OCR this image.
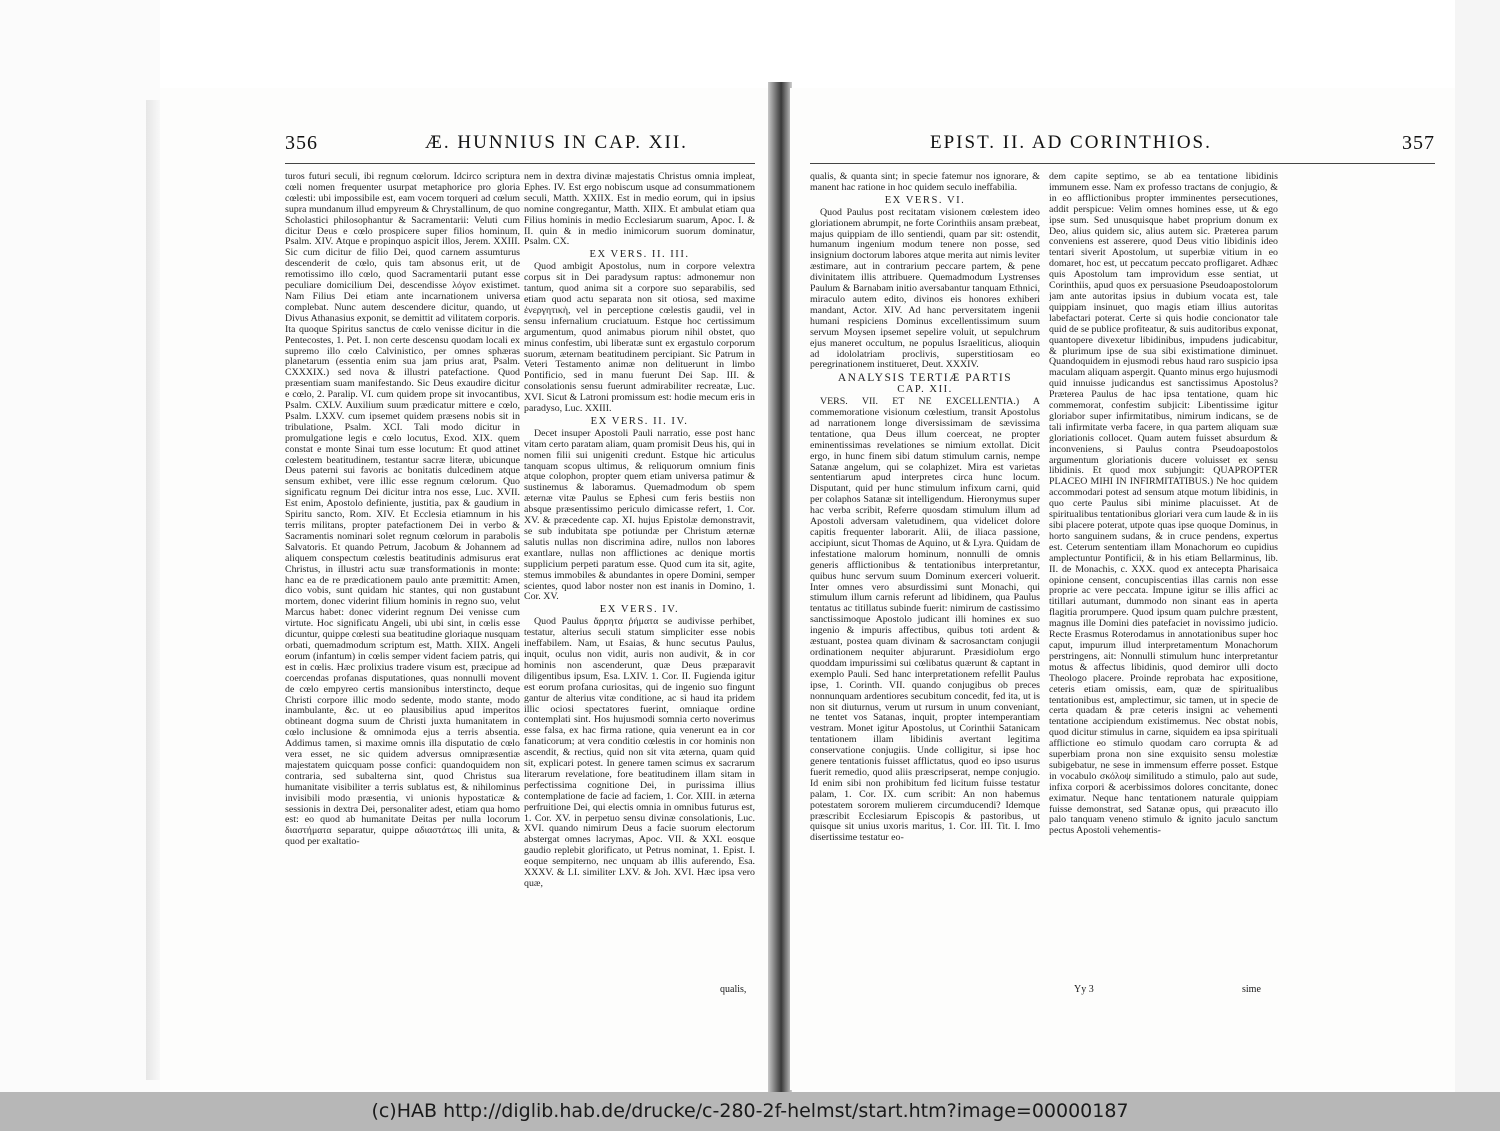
356	Æ. HUNNIUS IN CAP. XII.

turos futuri seculi, ibi regnum cœlorum. Idcirco scriptura cœli nomen frequenter usurpat metaphorice pro gloria cœlesti: ubi impossibile est, eam vocem torqueri ad cœlum supra mundanum illud empyreum & Chrystallinum, de quo Scholastici philosophantur & Sacramentarii: Veluti cum dicitur Deus e cœlo prospicere super filios hominum, Psalm. XIV. Atque e propinquo aspicit illos, Jerem. XXIII. Sic cum dicitur de filio Dei, quod carnem assumturus descenderit de cœlo, quis tam absonus erit, ut de remotissimo illo cœlo, quod Sacramentarii putant esse peculiare domicilium Dei, descendisse λόγον existimet. Nam Filius Dei etiam ante incarnationem universa complebat. Nunc autem descendere dicitur, quando, ut Divus Athanasius exponit, se demittit ad vilitatem corporis. Ita quoque Spiritus sanctus de cœlo venisse dicitur in die Pentecostes, 1. Pet. I. non certe descensu quodam locali ex supremo illo cœlo Calvinistico, per omnes sphæras planetarum (essentia enim sua jam prius arat, Psalm. CXXXIX.) sed nova & illustri patefactione. Quod præsentiam suam manifestando. Sic Deus exaudire dicitur e cœlo, 2. Paralip. VI. cum quidem prope sit invocantibus, Psalm. CXLV. Auxilium suum prædicatur mittere e cœlo, Psalm. LXXV. cum ipsemet quidem præsens nobis sit in tribulatione, Psalm. XCI. Tali modo dicitur in promulgatione legis e cœlo locutus, Exod. XIX. quem constat e monte Sinai tum esse locutum: Et quod attinet cœlestem beatitudinem, testantur sacræ literæ, ubicunque Deus paterni sui favoris ac bonitatis dulcedinem atque sensum exhibet, vere illic esse regnum cœlorum. Quo significatu regnum Dei dicitur intra nos esse, Luc. XVII. Est enim, Apostolo definiente, justitia, pax & gaudium in Spiritu sancto, Rom. XIV. Et Ecclesia etiamnum in his terris militans, propter patefactionem Dei in verbo & Sacramentis nominari solet regnum cœlorum in parabolis Salvatoris. Et quando Petrum, Jacobum & Johannem ad aliquem conspectum cœlestis beatitudinis admisurus erat Christus, in illustri actu suæ transformationis in monte: hanc ea de re prædicationem paulo ante præmittit: Amen, dico vobis, sunt quidam hic stantes, qui non gustabunt mortem, donec viderint filium hominis in regno suo, velut Marcus habet: donec viderint regnum Dei venisse cum virtute. Hoc significatu Angeli, ubi ubi sint, in cœlis esse dicuntur, quippe cœlesti sua beatitudine gloriaque nusquam orbati, quemadmodum scriptum est, Matth. XIIX. Angeli eorum (infantum) in cœlis semper vident faciem patris, qui est in cœlis. Hæc prolixius tradere visum est, præcipue ad coercendas profanas disputationes, quas nonnulli movent de cœlo empyreo certis mansionibus interstincto, deque Christi corpore illic modo sedente, modo stante, modo inambulante, &c. ut eo plausibilius apud imperitos obtineant dogma suum de Christi juxta humanitatem in cœlo inclusione & omnimoda ejus a terris absentia. Addimus tamen, si maxime omnis illa disputatio de cœlo vera esset, ne sic quidem adversus omnipræsentiæ majestatem quicquam posse confici: quandoquidem non contraria, sed subalterna sint, quod Christus sua humanitate visibiliter a terris sublatus est, & nihilominus invisibili modo præsentia, vi unionis hypostaticæ & sessionis in dextra Dei, personaliter adest, etiam qua homo est: eo quod ab humanitate Deitas per nulla locorum διαστήματα separatur, quippe αδιαστάτως illi unita, & quod per exaltatio-

nem in dextra divinæ majestatis Christus omnia impleat, Ephes. IV. Est ergo nobiscum usque ad consummationem seculi, Matth. XXIIX. Est in medio eorum, qui in ipsius nomine congregantur, Matth. XIIX. Et ambulat etiam qua Filius hominis in medio Ecclesiarum suarum, Apoc. I. & II. quin & in medio inimicorum suorum dominatur, Psalm. CX.

EX VERS. II. III.

Quod ambigit Apostolus, num in corpore velextra corpus sit in Dei paradysum raptus: admonemur non tantum, quod anima sit a corpore suo separabilis, sed etiam quod actu separata non sit otiosa, sed maxime ἐνεργητικὴ, vel in perceptione cœlestis gaudii, vel in sensu infernalium cruciatuum. Estque hoc certissimum argumentum, quod animabus piorum nihil obstet, quo minus confestim, ubi liberatæ sunt ex ergastulo corporum suorum, æternam beatitudinem percipiant. Sic Patrum in Veteri Testamento animæ non delituerunt in limbo Pontificio, sed in manu fuerunt Dei Sap. III. & consolationis sensu fuerunt admirabiliter recreatæ, Luc. XVI. Sicut & Latroni promissum est: hodie mecum eris in paradyso, Luc. XXIII.

EX VERS. II. IV.

Decet insuper Apostoli Pauli narratio, esse post hanc vitam certo paratam aliam, quam promisit Deus his, qui in nomen filii sui unigeniti credunt. Estque hic articulus tanquam scopus ultimus, & reliquorum omnium finis atque colophon, propter quem etiam universa patimur & sustinemus & laboramus. Quemadmodum ob spem æternæ vitæ Paulus se Ephesi cum feris bestiis non absque præsentissimo periculo dimicasse refert, 1. Cor. XV. & præcedente cap. XI. hujus Epistolæ demonstravit, se sub indubitata spe potiundæ per Christum æternæ salutis nullas non discrimina adire, nullos non labores exantlare, nullas non afflictiones ac denique mortis supplicium perpeti paratum esse. Quod cum ita sit, agite, stemus immobiles & abundantes in opere Domini, semper scientes, quod labor noster non est inanis in Domino, 1. Cor. XV.

EX VERS. IV.

Quod Paulus ἄρρητα ῥήματα se audivisse perhibet, testatur, alterius seculi statum simpliciter esse nobis ineffabilem. Nam, ut Esaias, & hunc secutus Paulus, inquit, oculus non vidit, auris non audivit, & in cor hominis non ascenderunt, quæ Deus præparavit diligentibus ipsum, Esa. LXIV. 1. Cor. II. Fugienda igitur est eorum profana curiositas, qui de ingenio suo fingunt gantur de alterius vitæ conditione, ac si haud ita pridem illic ociosi spectatores fuerint, omniaque ordine contemplati sint. Hos hujusmodi somnia certo noverimus esse falsa, ex hac firma ratione, quia venerunt ea in cor fanaticorum; at vera conditio cœlestis in cor hominis non ascendit, & rectius, quid non sit vita æterna, quam quid sit, explicari potest. In genere tamen scimus ex sacrarum literarum revelatione, fore beatitudinem illam sitam in perfectissima cognitione Dei, in purissima illius contemplatione de facie ad faciem, 1. Cor. XIII. in æterna perfruitione Dei, qui electis omnia in omnibus futurus est, 1. Cor. XV. in perpetuo sensu divinæ consolationis, Luc. XVI. quando nimirum Deus a facie suorum electorum abstergat omnes lacrymas, Apoc. VII. & XXI. eosque gaudio replebit glorificato, ut Petrus nominat, 1. Epist. I. eoque sempiterno, nec unquam ab illis auferendo, Esa. XXXV. & LI. similiter LXV. & Joh. XVI. Hæc ipsa vero quæ,

qualis,
EPIST. II. AD CORINTHIOS.	357

qualis, & quanta sint; in specie fatemur nos ignorare, & manent hac ratione in hoc quidem seculo ineffabilia.

EX VERS. VI.

Quod Paulus post recitatam visionem cœlestem ideo gloriationem abrumpit, ne forte Corinthiis ansam præbeat, majus quippiam de illo sentiendi, quam par sit: ostendit, humanum ingenium modum tenere non posse, sed insignium doctorum labores atque merita aut nimis leviter æstimare, aut in contrarium peccare partem, & pene divinitatem illis attribuere. Quemadmodum Lystrenses Paulum & Barnabam initio aversabantur tanquam Ethnici, miraculo autem edito, divinos eis honores exhiberi mandant, Actor. XIV. Ad hanc perversitatem ingenii humani respiciens Dominus excellentissimum suum servum Moysen ipsemet sepelire voluit, ut sepulchrum ejus maneret occultum, ne populus Israeliticus, alioquin ad idololatriam proclivis, superstitiosam eo peregrinationem institueret, Deut. XXXIV.

ANALYSIS TERTIÆ PARTIS
CAP. XII.

VERS. VII. ET NE EXCELLENTIA.) A commemoratione visionum cœlestium, transit Apostolus ad narrationem longe diversissimam de sævissima tentatione, qua Deus illum coerceat, ne propter eminentissimas revelationes se nimium extollat. Dicit ergo, in hunc finem sibi datum stimulum carnis, nempe Satanæ angelum, qui se colaphizet. Mira est varietas sententiarum apud interpretes circa hunc locum. Disputant, quid per hunc stimulum infixum carni, quid per colaphos Satanæ sit intelligendum. Hieronymus super hac verba scribit, Referre quosdam stimulum illum ad Apostoli adversam valetudinem, qua videlicet dolore capitis frequenter laborarit. Alii, de iliaca passione, accipiunt, sicut Thomas de Aquino, ut & Lyra. Quidam de infestatione malorum hominum, nonnulli de omnis generis afflictionibus & tentationibus interpretantur, quibus hunc servum suum Dominum exerceri voluerit. Inter omnes vero absurdissimi sunt Monachi, qui stimulum illum carnis referunt ad libidinem, qua Paulus tentatus ac titillatus subinde fuerit: nimirum de castissimo sanctissimoque Apostolo judicant illi homines ex suo ingenio & impuris affectibus, quibus toti ardent & æstuant, postea quam divinam & sacrosanctam conjugii ordinationem nequiter abjurarunt. Præsidiolum ergo quoddam impurissimi sui cœlibatus quærunt & captant in exemplo Pauli. Sed hanc interpretationem refellit Paulus ipse, 1. Corinth. VII. quando conjugibus ob preces nonnunquam ardentiores secubitum concedit, fed ita, ut is non sit diuturnus, verum ut rursum in unum conveniant, ne tentet vos Satanas, inquit, propter intemperantiam vestram. Monet igitur Apostolus, ut Corinthii Satanicam tentationem illam libidinis avertant legitima conservatione conjugiis. Unde colligitur, si ipse hoc genere tentationis fuisset afflictatus, quod eo ipso usurus fuerit remedio, quod aliis præscripserat, nempe conjugio. Id enim sibi non prohibitum fed licitum fuisse testatur palam, 1. Cor. IX. cum scribit: An non habemus potestatem sororem mulierem circumducendi? Idemque præscribit Ecclesiarum Episcopis & pastoribus, ut quisque sit unius uxoris maritus, 1. Cor. III. Tit. I. Imo disertissime testatur eo-

dem capite septimo, se ab ea tentatione libidinis immunem esse. Nam ex professo tractans de conjugio, & in eo afflictionibus propter imminentes persecutiones, addit perspicue: Velim omnes homines esse, ut & ego ipse sum. Sed unusquisque habet proprium donum ex Deo, alius quidem sic, alius autem sic. Præterea parum conveniens est asserere, quod Deus vitio libidinis ideo tentari siverit Apostolum, ut superbiæ vitium in eo domaret, hoc est, ut peccatum peccato profligaret. Adhæc quis Apostolum tam improvidum esse sentiat, ut Corinthiis, apud quos ex persuasione Pseudoapostolorum jam ante autoritas ipsius in dubium vocata est, tale quippiam insinuet, quo magis etiam illius autoritas labefactari poterat. Certe si quis hodie concionator tale quid de se publice profiteatur, & suis auditoribus exponat, quantopere divexetur libidinibus, impudens judicabitur, & plurimum ipse de sua sibi existimatione diminuet. Quandoquidem in ejusmodi rebus haud raro suspicio ipsa maculam aliquam aspergit. Quanto minus ergo hujusmodi quid innuisse judicandus est sanctissimus Apostolus? Præterea Paulus de hac ipsa tentatione, quam hic commemorat, confestim subjicit: Libentissime igitur gloriabor super infirmitatibus, nimirum indicans, se de tali infirmitate verba facere, in qua partem aliquam suæ gloriationis collocet. Quam autem fuisset absurdum & inconveniens, si Paulus contra Pseudoapostolos argumentum gloriationis ducere voluisset ex sensu libidinis. Et quod mox subjungit: QUAPROPTER PLACEO MIHI IN INFIRMITATIBUS.) Ne hoc quidem accommodari potest ad sensum atque motum libidinis, in quo certe Paulus sibi minime placuisset. At de spiritualibus tentationibus gloriari vera cum laude & in iis sibi placere poterat, utpote quas ipse quoque Dominus, in horto sanguinem sudans, & in cruce pendens, expertus est. Ceterum sententiam illam Monachorum eo cupidius amplectuntur Pontificii, & in his etiam Bellarminus, lib. II. de Monachis, c. XXX. quod ex antecepta Pharisaica opinione censent, concupiscentias illas carnis non esse proprie ac vere peccata. Impune igitur se illis affici ac titillari autumant, dummodo non sinant eas in aperta flagitia prorumpere. Quod ipsum quam pulchre præstent, magnus ille Domini dies patefaciet in novissimo judicio. Recte Erasmus Roterodamus in annotationibus super hoc caput, impurum illud interpretamentum Monachorum perstringens, ait: Nonnulli stimulum hunc interpretantur motus & affectus libidinis, quod demiror ulli docto Theologo placere. Proinde reprobata hac expositione, ceteris etiam omissis, eam, quæ de spiritualibus tentationibus est, amplectimur, sic tamen, ut in specie de certa quadam & præ ceteris insigni ac vehementi tentatione accipiendum existimemus. Nec obstat nobis, quod dicitur stimulus in carne, siquidem ea ipsa spirituali afflictione eo stimulo quodam caro corrupta & ad superbiam prona non sine exquisito sensu molestiæ subigebatur, ne sese in immensum efferre posset. Estque in vocabulo σκόλοψ similitudo a stimulo, palo aut sude, infixa corpori & acerbissimos dolores concitante, donec eximatur. Neque hanc tentationem naturale quippiam fuisse demonstrat, sed Satanæ opus, qui præacuto illo palo tanquam veneno stimulo & ignito jaculo sanctum pectus Apostoli vehementis-

Yy 3	sime
(c)HAB http://diglib.hab.de/drucke/c-280-2f-helmst/start.htm?image=00000187
